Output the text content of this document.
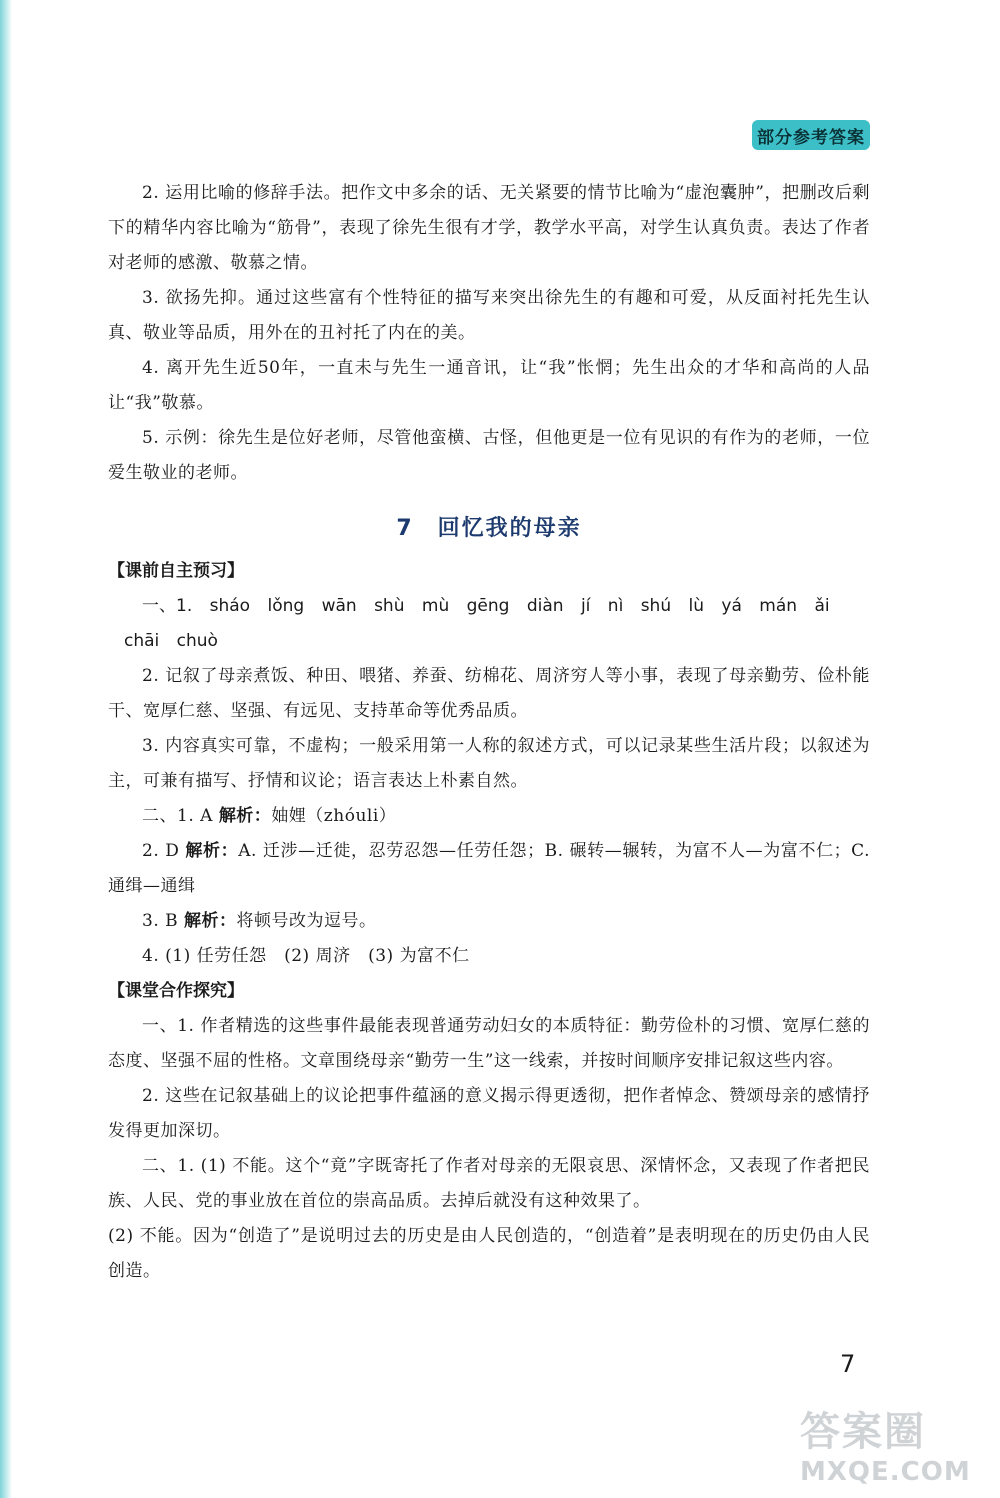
部分参考答案

2. 运用比喻的修辞手法。把作文中多余的话、无关紧要的情节比喻为“虚泡囊肿”，把删改后剩下的精华内容比喻为“筋骨”，表现了徐先生很有才学，教学水平高，对学生认真负责。表达了作者对老师的感激、敬慕之情。

3. 欲扬先抑。通过这些富有个性特征的描写来突出徐先生的有趣和可爱，从反面衬托先生认真、敬业等品质，用外在的丑衬托了内在的美。

4. 离开先生近50年，一直未与先生一通音讯，让“我”怅惘；先生出众的才华和高尚的人品让“我”敬慕。

5. 示例：徐先生是位好老师，尽管他蛮横、古怪，但他更是一位有见识的有作为的老师，一位爱生敬业的老师。

7　回忆我的母亲

【课前自主预习】

一、1. sháo lǒng wān shù mù gēng diàn jí nì shú lù yá mán ǎi

chāi chuò

2. 记叙了母亲煮饭、种田、喂猪、养蚕、纺棉花、周济穷人等小事，表现了母亲勤劳、俭朴能干、宽厚仁慈、坚强、有远见、支持革命等优秀品质。

3. 内容真实可靠，不虚构；一般采用第一人称的叙述方式，可以记录某些生活片段；以叙述为主，可兼有描写、抒情和议论；语言表达上朴素自然。

二、1. A 解析：妯娌（zhóuli）

2. D 解析：A. 迁涉—迁徙，忍劳忍怨—任劳任怨；B. 碾转—辗转，为富不人—为富不仁；C. 通缉—通缉

3. B 解析：将顿号改为逗号。

4. (1) 任劳任怨　(2) 周济　(3) 为富不仁

【课堂合作探究】

一、1. 作者精选的这些事件最能表现普通劳动妇女的本质特征：勤劳俭朴的习惯、宽厚仁慈的态度、坚强不屈的性格。文章围绕母亲“勤劳一生”这一线索，并按时间顺序安排记叙这些内容。

2. 这些在记叙基础上的议论把事件蕴涵的意义揭示得更透彻，把作者悼念、赞颂母亲的感情抒发得更加深切。

二、1. (1) 不能。这个“竟”字既寄托了作者对母亲的无限哀思、深情怀念，又表现了作者把民族、人民、党的事业放在首位的崇高品质。去掉后就没有这种效果了。

(2) 不能。因为“创造了”是说明过去的历史是由人民创造的，“创造着”是表明现在的历史仍由人民创造。

7
答案圈
MXQE.COM
